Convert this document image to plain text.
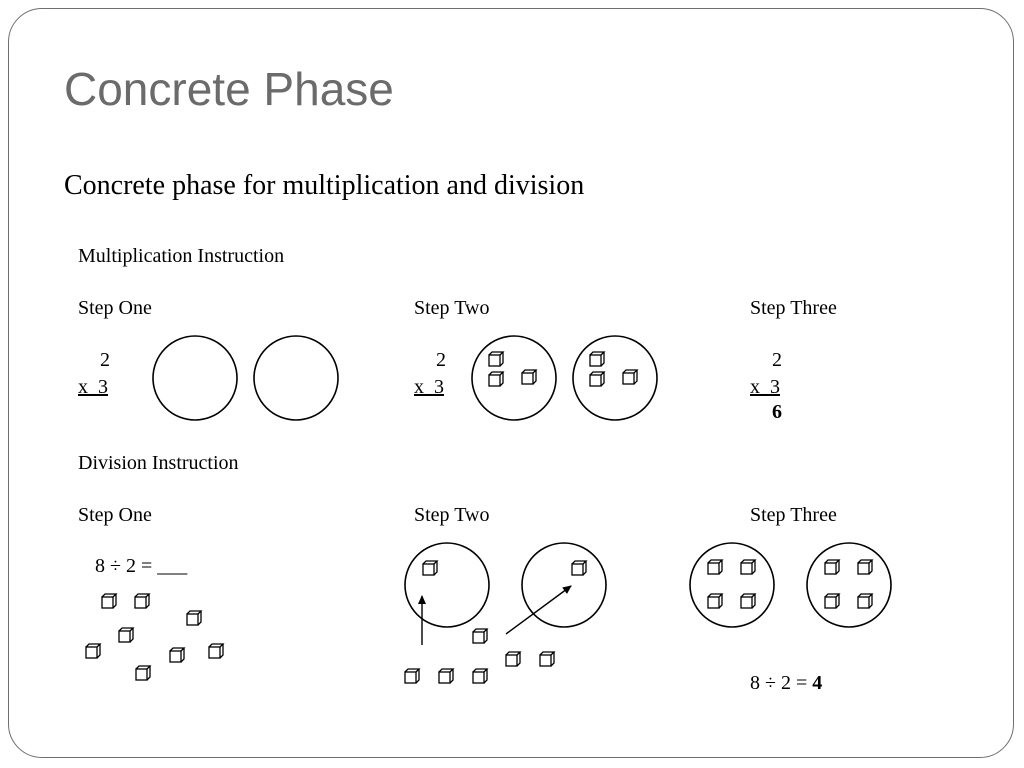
Concrete Phase
Concrete phase for multiplication and division
Multiplication Instruction
Step One
2
x  3
Step Two
2
x  3
Step Three
2
x  3
6
Division Instruction
Step One
8 ÷ 2 = ___
Step Two	Step Three
8 ÷ 2 = 4
